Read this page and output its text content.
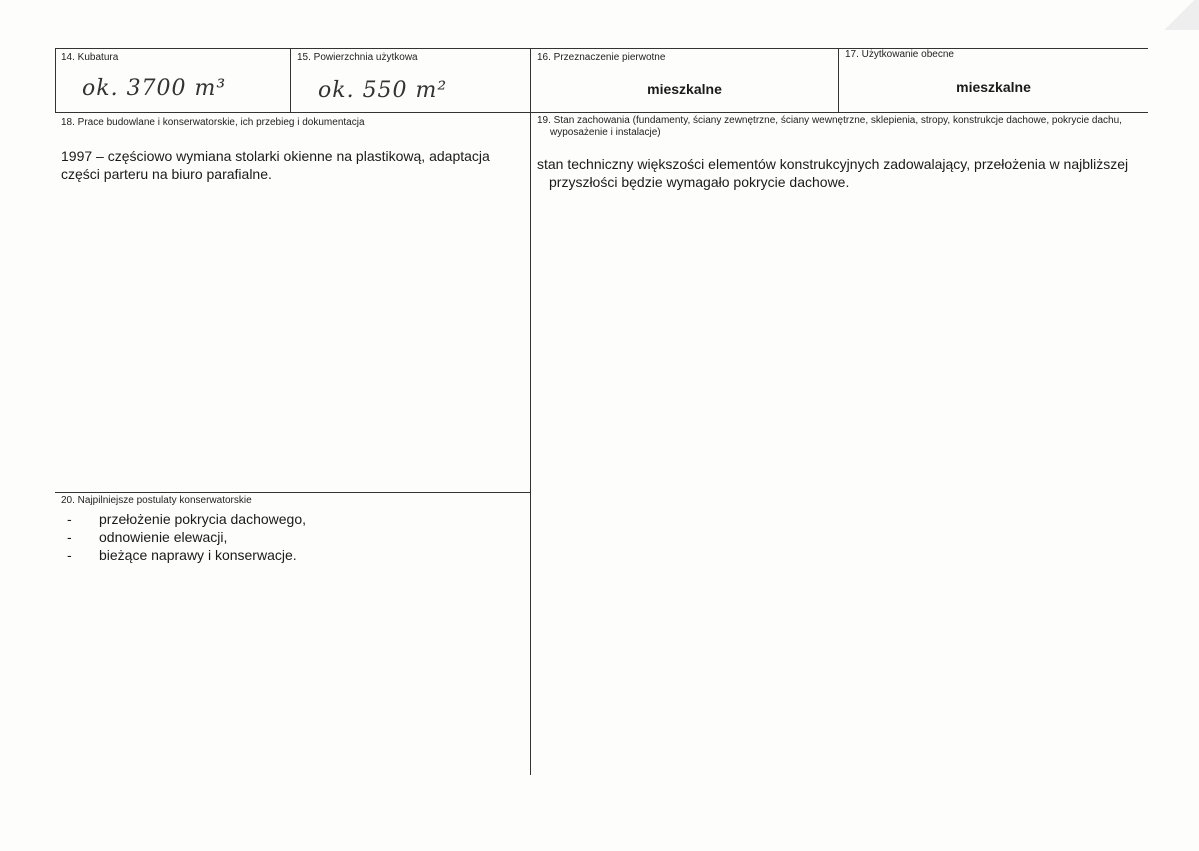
14. Kubatura
ok. 3700 m³
15. Powierzchnia użytkowa
ok. 550 m²
16. Przeznaczenie pierwotne
mieszkalne
17. Użytkowanie obecne
mieszkalne
18. Prace budowlane i konserwatorskie, ich przebieg i dokumentacja
1997 – częściowo wymiana stolarki okienne na plastikową, adaptacja części parteru na biuro parafialne.
19. Stan zachowania (fundamenty, ściany zewnętrzne, ściany wewnętrzne, sklepienia, stropy, konstrukcje dachowe, pokrycie dachu, wyposażenie i instalacje)
stan techniczny większości elementów konstrukcyjnych zadowalający, przełożenia w najbliższej przyszłości będzie wymagało pokrycie dachowe.
20. Najpilniejsze postulaty konserwatorskie
- przełożenie pokrycia dachowego,
- odnowienie elewacji,
- bieżące naprawy i konserwacje.
